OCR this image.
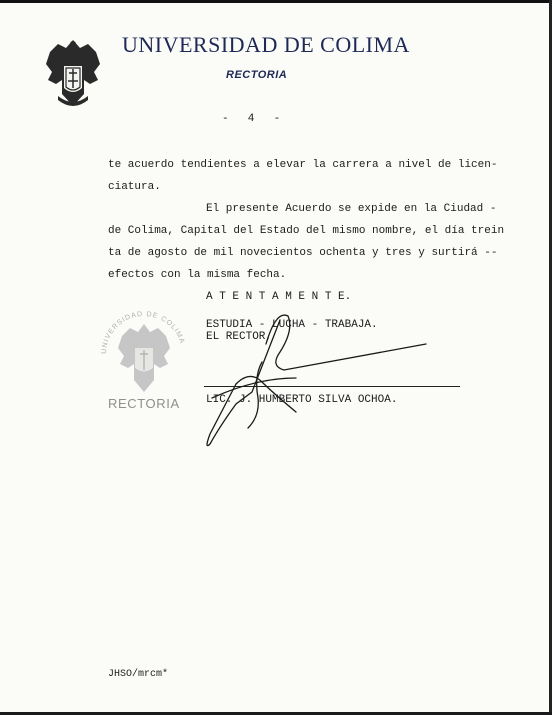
UNIVERSIDAD DE COLIMA
RECTORIA
-  4  -
te acuerdo tendientes a elevar la carrera a nivel de licen-
ciatura.
El presente Acuerdo se expide en la Ciudad -
de Colima, Capital del Estado del mismo nombre, el día trein
ta de agosto de mil novecientos ochenta y tres y surtirá --
efectos con la misma fecha.
A T E N T A M E N T E.
ESTUDIA - LUCHA - TRABAJA.
EL RECTOR,
UNIVERSIDAD DE COLIMA
RECTORIA LIC. J. HUMBERTO SILVA OCHOA.
JHSO/mrcm*
